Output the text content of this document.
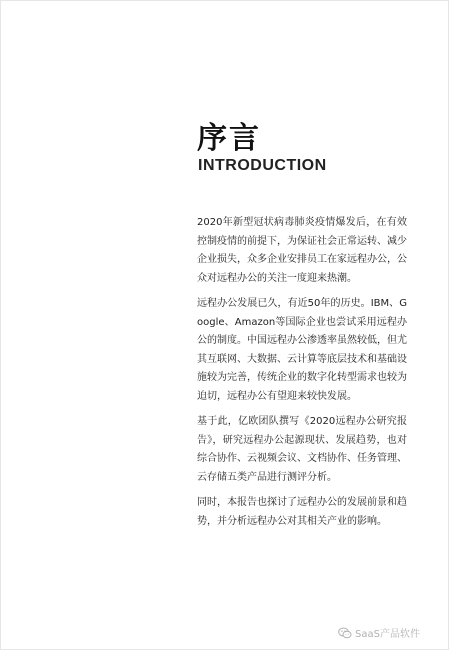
序言
INTRODUCTION

2020年新型冠状病毒肺炎疫情爆发后，在有效控制疫情的前提下，为保证社会正常运转、减少企业损失，众多企业安排员工在家远程办公，公众对远程办公的关注一度迎来热潮。

远程办公发展已久，有近50年的历史。IBM、Google、Amazon等国际企业也尝试采用远程办公的制度。中国远程办公渗透率虽然较低，但尤其互联网、大数据、云计算等底层技术和基础设施较为完善，传统企业的数字化转型需求也较为迫切，远程办公有望迎来较快发展。

基于此，亿欧团队撰写《2020远程办公研究报告》，研究远程办公起源现状、发展趋势，也对综合协作、云视频会议、文档协作、任务管理、云存储五类产品进行测评分析。

同时，本报告也探讨了远程办公的发展前景和趋势，并分析远程办公对其相关产业的影响。

SaaS产品软件
